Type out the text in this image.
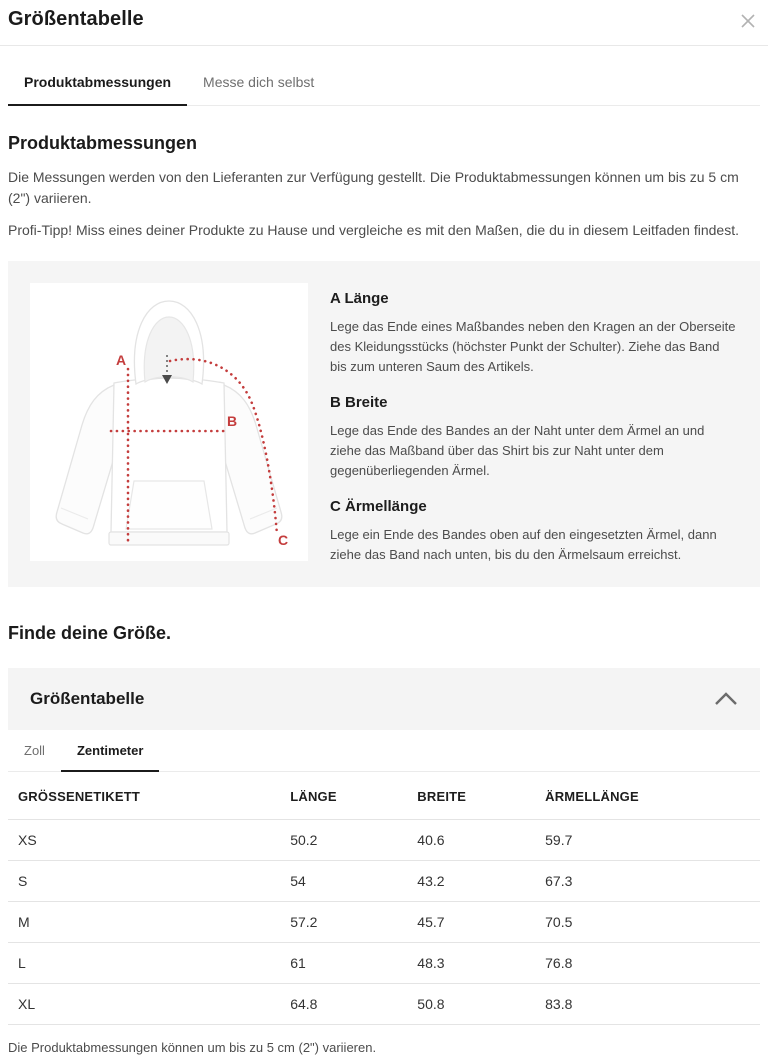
Größentabelle
Produktabmessungen	Messe dich selbst
Produktabmessungen

Die Messungen werden von den Lieferanten zur Verfügung gestellt. Die Produktabmessungen können um bis zu 5 cm (2") variieren.

Profi-Tipp! Miss eines deiner Produkte zu Hause und vergleiche es mit den Maßen, die du in diesem Leitfaden findest.

A
B
C
A Länge

Lege das Ende eines Maßbandes neben den Kragen an der Oberseite des Kleidungsstücks (höchster Punkt der Schulter). Ziehe das Band bis zum unteren Saum des Artikels.

B Breite

Lege das Ende des Bandes an der Naht unter dem Ärmel an und ziehe das Maßband über das Shirt bis zur Naht unter dem gegenüberliegenden Ärmel.

C Ärmellänge

Lege ein Ende des Bandes oben auf den eingesetzten Ärmel, dann ziehe das Band nach unten, bis du den Ärmelsaum erreichst.

Finde deine Größe.
Größentabelle
Zoll	Zentimeter
GRÖSSENETIKETT	LÄNGE	BREITE	ÄRMELLÄNGE
XS	50.2	40.6	59.7
S	54	43.2	67.3
M	57.2	45.7	70.5
L	61	48.3	76.8
XL	64.8	50.8	83.8

Die Produktabmessungen können um bis zu 5 cm (2") variieren.
